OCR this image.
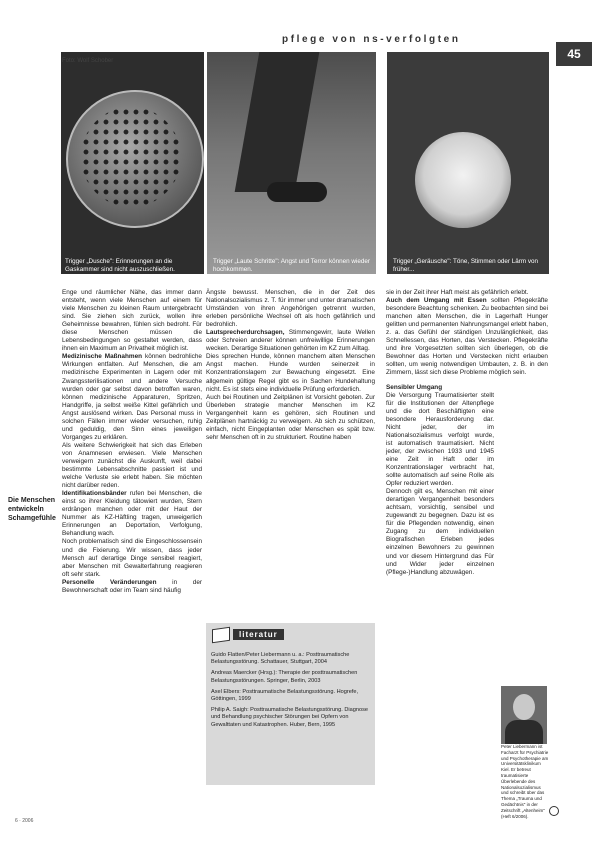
pflege von ns-verfolgten
45
Trigger „Dusche": Erinnerungen an die Gaskammer sind nicht auszuschließen.
Foto: Wolf Schober
Trigger „Laute Schritte": Angst und Terror können wieder hochkommen.
Trigger „Geräusche": Töne, Stimmen oder Lärm von früher...

Enge und räumlicher Nähe, das immer dann entsteht, wenn viele Menschen auf einem für viele Menschen zu kleinen Raum untergebracht sind. Sie ziehen sich zurück, wollen ihre Geheimnisse bewahren, fühlen sich bedroht. Für diese Menschen müssen die Lebensbedingungen so gestaltet werden, dass ihnen ein Maximum an Privatheit möglich ist.

Medizinische Maßnahmen können bedrohliche Wirkungen entfalten. Auf Menschen, die am medizinische Experimenten in Lagern oder mit Zwangssterilisationen und andere Versuche wurden oder gar selbst davon betroffen waren, können medizinische Apparaturen, Spritzen, Handgriffe, ja selbst weiße Kittel gefährlich und Angst auslösend wirken. Das Personal muss in solchen Fällen immer wieder versuchen, ruhig und geduldig, den Sinn eines jeweiligen Vorganges zu erklären.

Als weitere Schwierigkeit hat sich das Erleben von Anamnesen erwiesen. Viele Menschen verweigern zunächst die Auskunft, weil dabei bestimmte Lebensabschnitte passiert ist und welche Verluste sie erlebt haben. Sie möchten nicht darüber reden.

Identifikationsbänder rufen bei Menschen, die einst so ihrer Kleidung tätowiert wurden, Stern erdrängen manchen oder mit der Haut der Nummer als KZ-Häftling tragen, unweigerlich Erinnerungen an Deportation, Verfolgung, Behandlung wach.

Noch problematisch sind die Eingeschlossensein und die Fixierung. Wir wissen, dass jeder Mensch auf derartige Dinge sensibel reagiert, aber Menschen mit Gewalterfahrung reagieren oft sehr stark.

Personelle Veränderungen in der Bewohnerschaft oder im Team sind häufig

Die Menschen entwickeln Schamgefühle

Ängste bewusst. Menschen, die in der Zeit des Nationalsozialismus z. T. für immer und unter dramatischen Umständen von ihren Angehörigen getrennt wurden, erleben persönliche Wechsel oft als hoch gefährlich und bedrohlich.

Lautsprecherdurchsagen, Stimmengewirr, laute Wellen oder Schreien anderer können unfreiwillige Erinnerungen wecken. Derartige Situationen gehörten im KZ zum Alltag.

Dies sprechen Hunde, können manchem alten Menschen Angst machen. Hunde wurden seinerzeit in Konzentrationslagern zur Bewachung eingesetzt. Eine allgemein gültige Regel gibt es in Sachen Hundehaltung nicht. Es ist stets eine individuelle Prüfung erforderlich.

Auch bei Routinen und Zeitplänen ist Vorsicht geboten. Zur Überleben strategie mancher Menschen im KZ Vergangenheit kann es gehören, sich Routinen und Zeitplänen hartnäckig zu verweigern. Ab sich zu schützen, einfach, nicht Eingeplanten oder Menschen es spät bzw. sehr Menschen oft in zu strukturiert. Routine haben

literatur

Guido Flatten/Peter Liebermann u. a.: Posttraumatische Belastungsstörung. Schattauer, Stuttgart, 2004

Andreas Maercker (Hrsg.): Therapie der posttraumatischen Belastungsstörungen. Springer, Berlin, 2003

Axel Elbers: Posttraumatische Belastungsstörung. Hogrefe, Göttingen, 1999

Philip A. Saigh: Posttraumatische Belastungsstörung. Diagnose und Behandlung psychischer Störungen bei Opfern von Gewalttaten und Katastrophen. Huber, Bern, 1995

sie in der Zeit ihrer Haft meist als gefährlich erlebt.

Auch dem Umgang mit Essen sollten Pflegekräfte besondere Beachtung schenken. Zu beobachten sind bei manchen alten Menschen, die in Lagerhaft Hunger gelitten und permanenten Nahrungsmangel erlebt haben, z. a. das Gefühl der ständigen Unzulänglichkeit, das Schnellessen, das Horten, das Verstecken. Pflegekräfte und ihre Vorgesetzten sollten sich überlegen, ob die Bewohner das Horten und Verstecken nicht erlauben sollten, um wenig notwendigen Umbauten, z. B. in den Zimmern, lässt sich diese Probleme möglich sein.

Sensibler Umgang

Die Versorgung Traumatisierter stellt für die Institutionen der Altenpflege und die dort Beschäftigten eine besondere Herausforderung dar. Nicht jeder, der im Nationalsozialismus verfolgt wurde, ist automatisch traumatisiert. Nicht jeder, der zwischen 1933 und 1945 eine Zeit in Haft oder im Konzentrationslager verbracht hat, sollte automatisch auf seine Rolle als Opfer reduziert werden.

Dennoch gilt es, Menschen mit einer derartigen Vergangenheit besonders achtsam, vorsichtig, sensibel und zugewandt zu begegnen. Dazu ist es für die Pflegenden notwendig, einen Zugang zu dem individuellen Biografischen Erleben jedes einzelnen Bewohners zu gewinnen und vor diesem Hintergrund das Für und Wider jeder einzelnen (Pflege-)Handlung abzuwägen.

Peter Liebermann ist Facharzt für Psychiatrie und Psychotherapie am Universitätsklinikum Kiel. Er betreut traumatisierte Überlebende des Nationalsozialismus und schreibt über das Thema „Trauma und Gedächtnis" in der Zeitschrift „Altenheim" (Heft 6/2006).
6 · 2006
